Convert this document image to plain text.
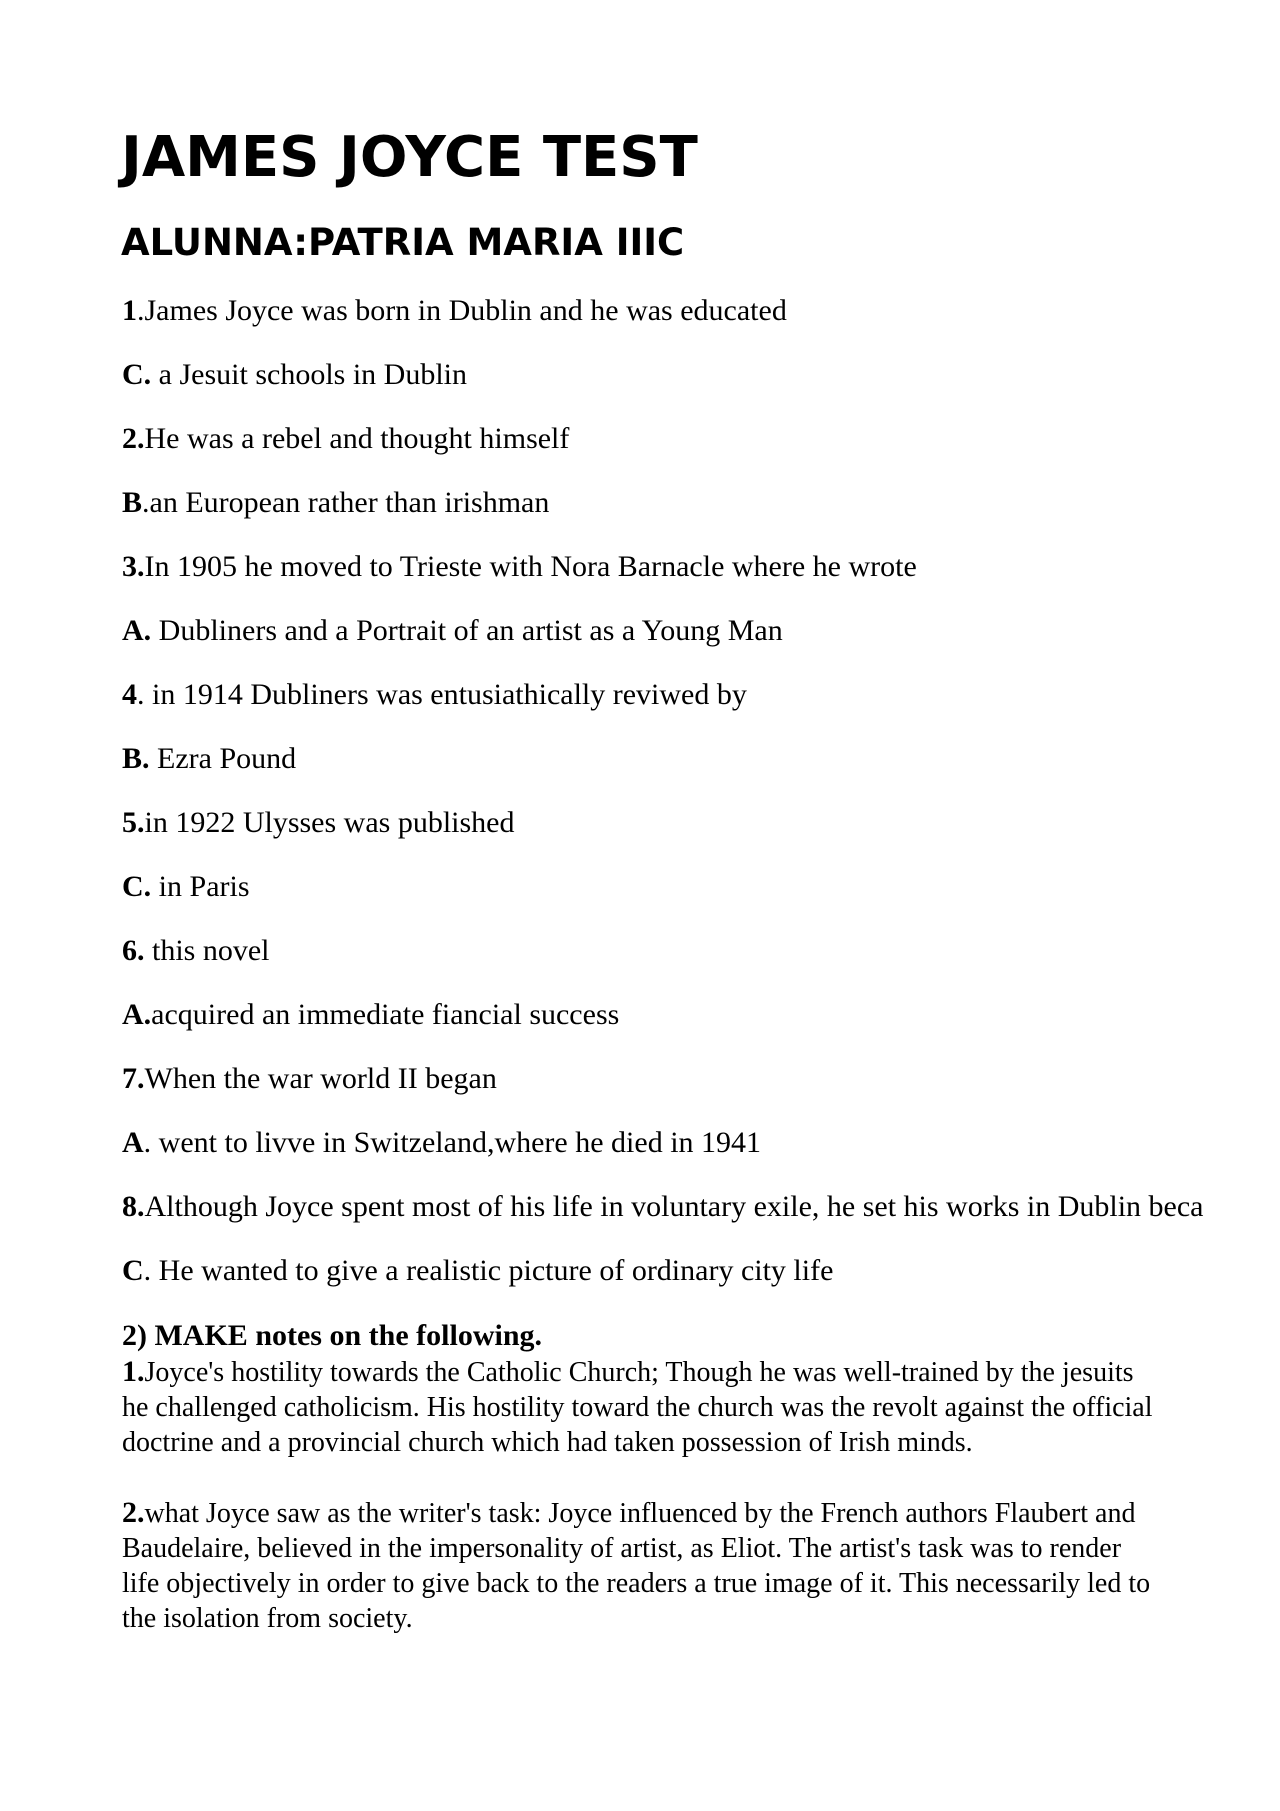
JAMES JOYCE TEST
ALUNNA:PATRIA MARIA IIIC

1.James Joyce was born in Dublin and he was educated

C. a Jesuit schools in Dublin

2.He was a rebel and thought himself

B.an European rather than irishman

3.In 1905 he moved to Trieste with Nora Barnacle where he wrote

A. Dubliners and a Portrait of an artist as a Young Man

4. in 1914 Dubliners was entusiathically reviwed by

B. Ezra Pound

5.in 1922 Ulysses was published

C. in Paris

6. this novel

A.acquired an immediate fiancial success

7.When the war world II began

A. went to livve in Switzeland,where he died in 1941

8.Although Joyce spent most of his life in voluntary exile, he set his works in Dublin beca

C. He wanted to give a realistic picture of ordinary city life

2) MAKE notes on the following.

1.Joyce's hostility towards the Catholic Church; Though he was well-trained by the jesuits he challenged catholicism. His hostility toward the church was the revolt against the official doctrine and a provincial church which had taken possession of Irish minds.

2.what Joyce saw as the writer's task: Joyce influenced by the French authors Flaubert and Baudelaire, believed in the impersonality of artist, as Eliot. The artist's task was to render life objectively in order to give back to the readers a true image of it. This necessarily led to the isolation from society.
